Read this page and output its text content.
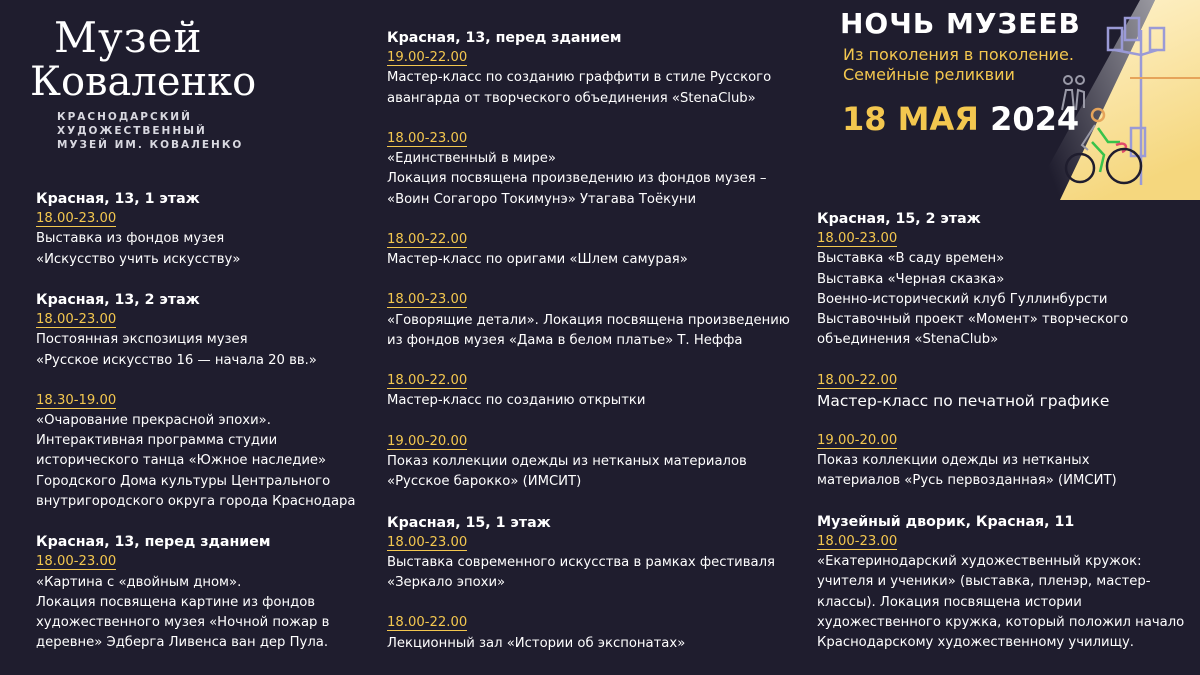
Музей
Коваленко
КРАСНОДАРСКИЙ
ХУДОЖЕСТВЕННЫЙ
МУЗЕЙ ИМ. КОВАЛЕНКО
НОЧЬ МУЗЕЕВ
Из поколения в поколение.
Семейные реликвии
18 МАЯ 2024
Красная, 13, 1 этаж
18.00-23.00
Выставка из фондов музея
«Искусство учить искусству»
Красная, 13, 2 этаж
18.00-23.00
Постоянная экспозиция музея
«Русское искусство 16 — начала 20 вв.»
18.30-19.00
«Очарование прекрасной эпохи».
Интерактивная программа студии
исторического танца «Южное наследие»
Городского Дома культуры Центрального
внутригородского округа города Краснодара
Красная, 13, перед зданием
18.00-23.00
«Картина с «двойным дном».
Локация посвящена картине из фондов
художественного музея «Ночной пожар в
деревне» Эдберга Ливенса ван дер Пула.
Красная, 13, перед зданием
19.00-22.00
Мастер-класс по созданию граффити в стиле Русского
авангарда от творческого объединения «StenaClub»
18.00-23.00
«Единственный в мире»
Локация посвящена произведению из фондов музея –
«Воин Согагоро Токимунэ» Утагава Тоёкуни
18.00-22.00
Мастер-класс по оригами «Шлем самурая»
18.00-23.00
«Говорящие детали». Локация посвящена произведению
из фондов музея «Дама в белом платье» Т. Неффа
18.00-22.00
Мастер-класс по созданию открытки
19.00-20.00
Показ коллекции одежды из нетканых материалов
«Русское барокко» (ИМСИТ)
Красная, 15, 1 этаж
18.00-23.00
Выставка современного искусства в рамках фестиваля
«Зеркало эпохи»
18.00-22.00
Лекционный зал «Истории об экспонатах»
Красная, 15, 2 этаж
18.00-23.00
Выставка «В саду времен»
Выставка «Черная сказка»
Военно-исторический клуб Гуллинбурсти
Выставочный проект «Момент» творческого
объединения «StenaClub»
18.00-22.00
Мастер-класс по печатной графике
19.00-20.00
Показ коллекции одежды из нетканых
материалов «Русь первозданная» (ИМСИТ)
Музейный дворик, Красная, 11
18.00-23.00
«Екатеринодарский художественный кружок:
учителя и ученики» (выставка, пленэр, мастер-
классы). Локация посвящена истории
художественного кружка, который положил начало
Краснодарскому художественному училищу.
